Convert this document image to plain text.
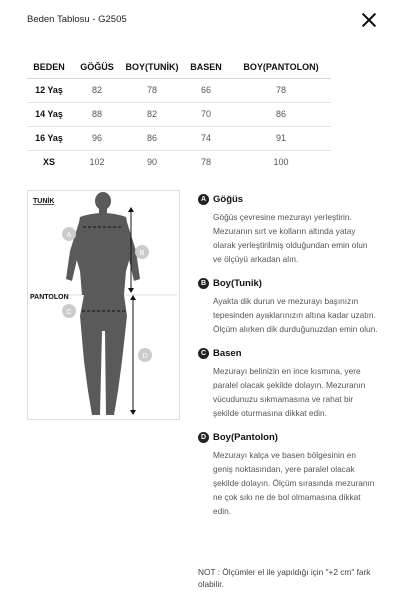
Beden Tablosu - G2505
BEDEN	GÖĞÜS	BOY(TUNİK)	BASEN	BOY(PANTOLON)
12 Yaş	82	78	66	78
14 Yaş	88	82	70	86
16 Yaş	96	86	74	91
XS	102	90	78	100
TUNİK
A
B
PANTOLON
C
D
A Göğüs
Göğüs çevresine mezurayı yerleştirin. Mezuranın sırt ve kolların altında yatay olarak yerleştirilmiş olduğundan emin olun ve ölçüyü arkadan alın.
B Boy(Tunik)
Ayakta dik durun ve mezurayı başınızın tepesinden ayaklarınızın altına kadar uzatın. Ölçüm alırken dik durduğunuzdan emin olun.
C Basen
Mezurayı belinizin en ince kısmına, yere paralel olacak şekilde dolayın. Mezuranın vücudunuzu sıkmamasına ve rahat bir şekilde oturmasına dikkat edin.
D Boy(Pantolon)
Mezurayı kalça ve basen bölgesinin en geniş noktasından, yere paralel olacak şekilde dolayın. Ölçüm sırasında mezuranın ne çok sıkı ne de bol olmamasına dikkat edin.
NOT : Ölçümler el ile yapıldığı için "+2 cm" fark olabilir.
